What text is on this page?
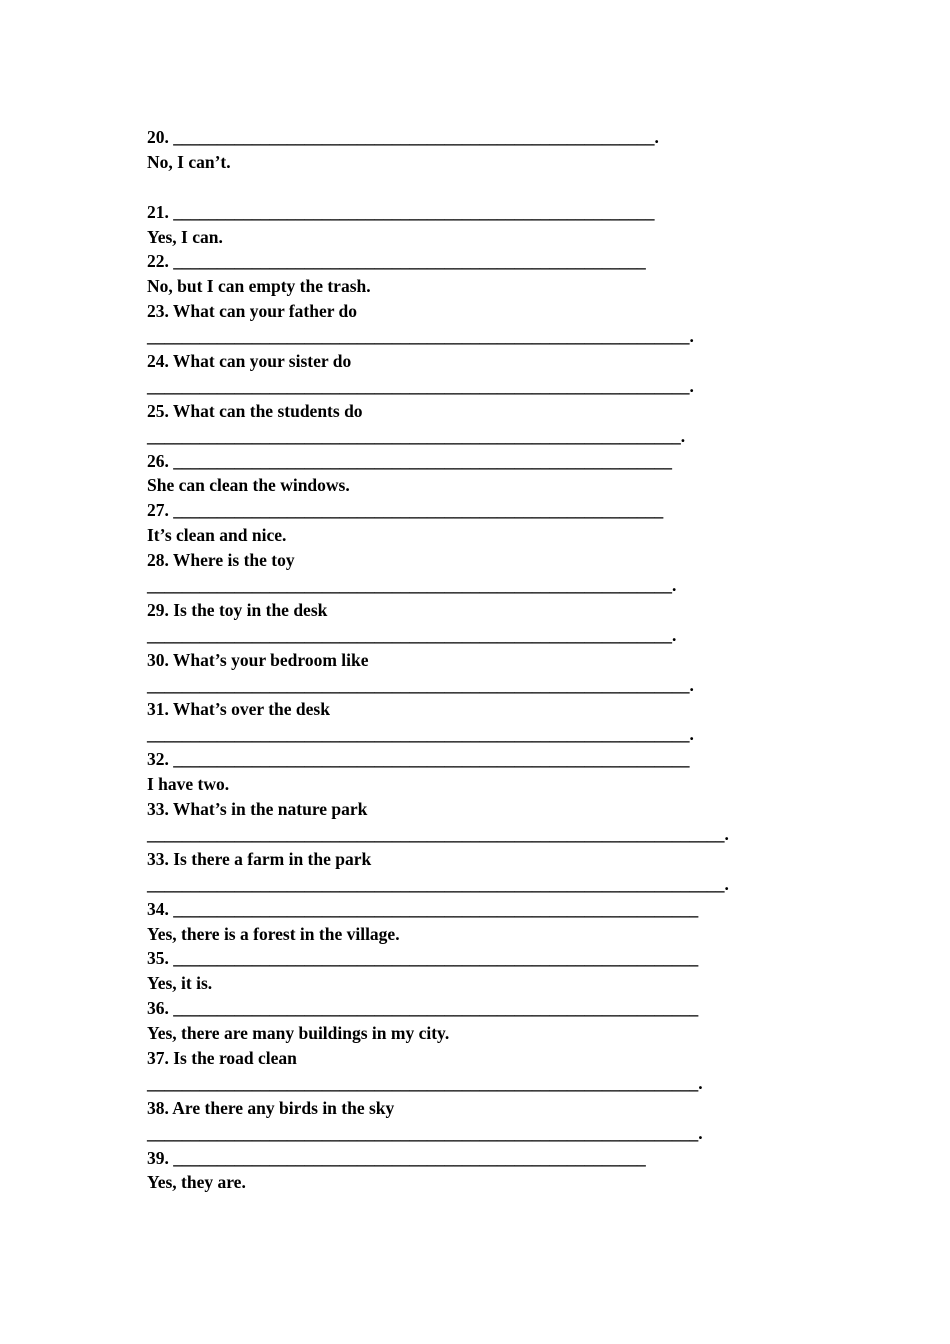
20. _______________________________________________________.
No, I can’t.
21. _______________________________________________________
Yes, I can.
22. ______________________________________________________
No, but I can empty the trash.
23. What can your father do
______________________________________________________________.
24. What can your sister do
______________________________________________________________.
25. What can the students do
_____________________________________________________________.
26. _________________________________________________________
She can clean the windows.
27. ________________________________________________________
It’s clean and nice.
28. Where is the toy
____________________________________________________________.
29. Is the toy in the desk
____________________________________________________________.
30. What’s your bedroom like
______________________________________________________________.
31. What’s over the desk
______________________________________________________________.
32. ___________________________________________________________
I have two.
33. What’s in the nature park
__________________________________________________________________.
33. Is there a farm in the park
__________________________________________________________________.
34. ____________________________________________________________
Yes, there is a forest in the village.
35. ____________________________________________________________
Yes, it is.
36. ____________________________________________________________
Yes, there are many buildings in my city.
37. Is the road clean
_______________________________________________________________.
38. Are there any birds in the sky
_______________________________________________________________.
39. ______________________________________________________
Yes, they are.
